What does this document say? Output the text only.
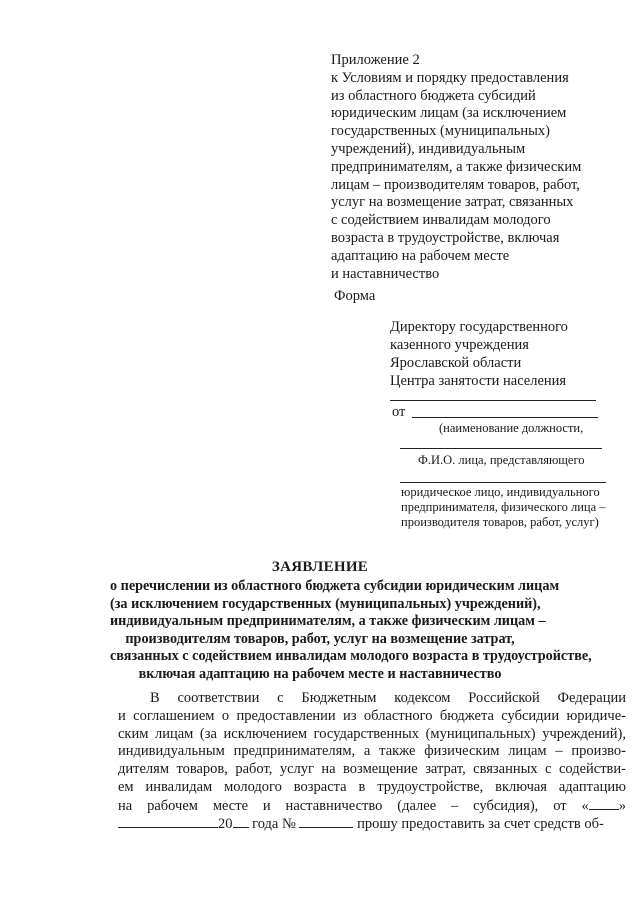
Приложение 2
к Условиям и порядку предоставления
из областного бюджета субсидий
юридическим лицам (за исключением
государственных (муниципальных)
учреждений), индивидуальным
предпринимателям, а также физическим
лицам – производителям товаров, работ,
услуг на возмещение затрат, связанных
с содействием инвалидам молодого
возраста в трудоустройстве, включая
адаптацию на рабочем месте
и наставничество
Форма
Директору государственного
казенного учреждения
Ярославской области
Центра занятости населения
от
(наименование должности,
Ф.И.О. лица, представляющего
юридическое лицо, индивидуального
предпринимателя, физического лица –
производителя товаров, работ, услуг)
ЗАЯВЛЕНИЕ
о перечислении из областного бюджета субсидии юридическим лицам
(за исключением государственных (муниципальных) учреждений),
индивидуальным предпринимателям, а также физическим лицам –
производителям товаров, работ, услуг на возмещение затрат,
связанных с содействием инвалидам молодого возраста в трудоустройстве,
включая адаптацию на рабочем месте и наставничество
В соответствии с Бюджетным кодексом Российской Федерации
и соглашением о предоставлении из областного бюджета субсидии юридиче-
ским лицам (за исключением государственных (муниципальных) учреждений),
индивидуальным предпринимателям, а также физическим лицам – произво-
дителям товаров, работ, услуг на возмещение затрат, связанных с содействи-
ем инвалидам молодого возраста в трудоустройстве, включая адаптацию
на рабочем месте и наставничество (далее – субсидия), от « »
20 года №	прошу предоставить за счет средств об-
